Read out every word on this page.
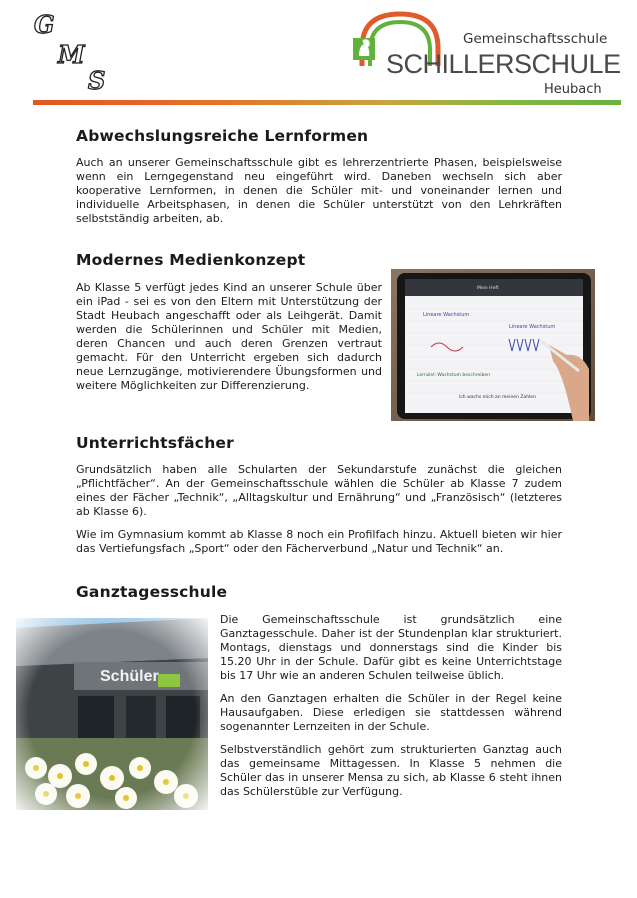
G
M
S
Gemeinschaftsschule
SCHILLERSCHULE
Heubach
Abwechslungsreiche Lernformen

Auch an unserer Gemeinschaftsschule gibt es lehrerzentrierte Phasen, beispielsweise wenn ein Lerngegenstand neu eingeführt wird. Daneben wechseln sich aber kooperative Lernformen, in denen die Schüler mit- und voneinander lernen und individuelle Arbeitsphasen, in denen die Schüler unterstützt von den Lehrkräften selbstständig arbeiten, ab.

Modernes Medienkonzept

Ab Klasse 5 verfügt jedes Kind an unserer Schule über ein iPad - sei es von den Eltern mit Unterstützung der Stadt Heubach angeschafft oder als Leihgerät. Damit werden die Schülerinnen und Schüler mit Medien, deren Chancen und auch deren Grenzen vertraut gemacht. Für den Unterricht ergeben sich dadurch neue Lernzugänge, motivierendere Übungsformen und weitere Möglichkeiten zur Differenzierung.

Mein Heft
Lineare Wachstum
Lineare Wachstum
Lernziel: Wachstum beschreiben
Ich wachs mich an meinen Zahlen
Unterrichtsfächer

Grundsätzlich haben alle Schularten der Sekundarstufe zunächst die gleichen „Pflichtfächer“. An der Gemeinschaftsschule wählen die Schüler ab Klasse 7 zudem eines der Fächer „Technik“, „Alltagskultur und Ernährung“ und „Französisch“ (letzteres ab Klasse 6).

Wie im Gymnasium kommt ab Klasse 8 noch ein Profilfach hinzu. Aktuell bieten wir hier das Vertiefungsfach „Sport“ oder den Fächerverbund „Natur und Technik“ an.

Ganztagesschule
Schüler

Die Gemeinschaftsschule ist grundsätzlich eine Ganztagesschule. Daher ist der Stundenplan klar strukturiert. Montags, dienstags und donnerstags sind die Kinder bis 15.20 Uhr in der Schule. Dafür gibt es keine Unterrichtstage bis 17 Uhr wie an anderen Schulen teilweise üblich.

An den Ganztagen erhalten die Schüler in der Regel keine Hausaufgaben. Diese erledigen sie stattdessen während sogenannter Lernzeiten in der Schule.

Selbstverständlich gehört zum strukturierten Ganztag auch das gemeinsame Mittagessen. In Klasse 5 nehmen die Schüler das in unserer Mensa zu sich, ab Klasse 6 steht ihnen das Schülerstüble zur Verfügung.
